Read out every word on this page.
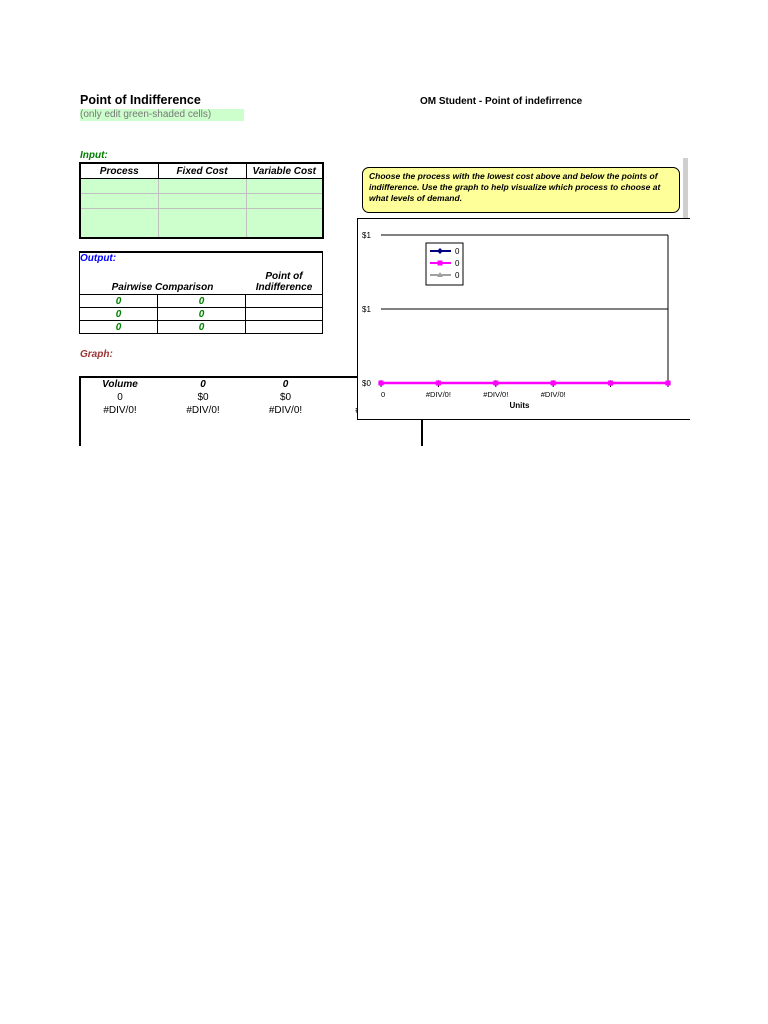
Point of Indifference
(only edit green-shaded cells)
OM Student - Point of indefirrence
Input:
Process	Fixed Cost	Variable Cost

Output:
Pairwise Comparison		Point of
Indifference

0	0	
0	0	
0	0	
Graph:
Volume	0	0
0	$0	$0
#DIV/0!	#DIV/0!	#DIV/0!
Choose the process with the lowest cost above and below the points of indifference. Use the graph to help visualize which process to choose at what levels of demand.
$1
$1
$0
0	#DIV/0!	#DIV/0!	#DIV/0!
Units
0
0
0
